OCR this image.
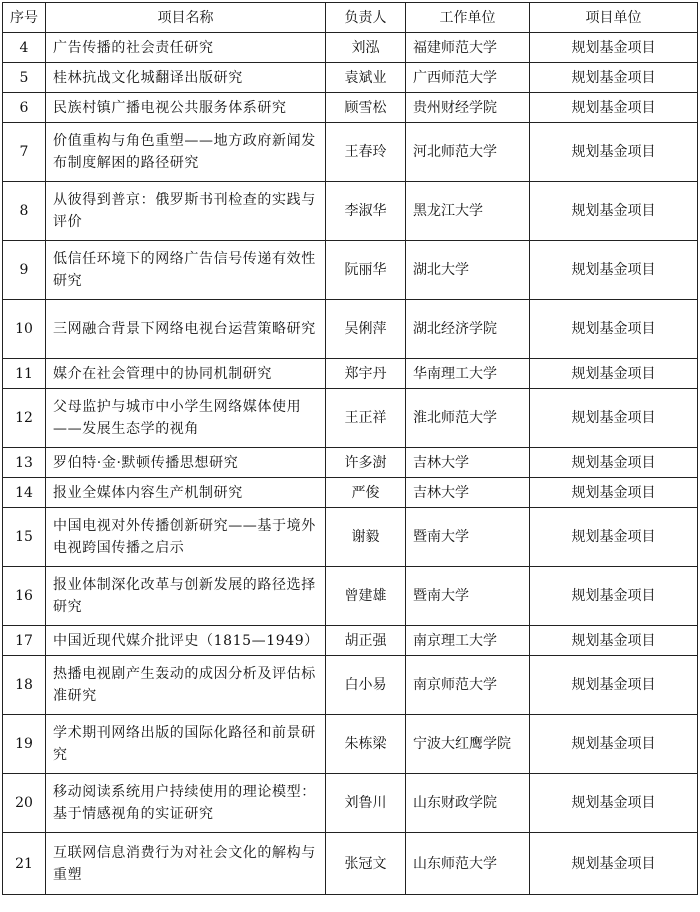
序号	项目名称	负责人	工作单位	项目单位
4	广告传播的社会责任研究	刘泓	福建师范大学	规划基金项目
5	桂林抗战文化城翻译出版研究	袁斌业	广西师范大学	规划基金项目
6	民族村镇广播电视公共服务体系研究	顾雪松	贵州财经学院	规划基金项目
7	价值重构与角色重塑——地方政府新闻发布制度解困的路径研究	王春玲	河北师范大学	规划基金项目
8	从彼得到普京：俄罗斯书刊检查的实践与评价	李淑华	黑龙江大学	规划基金项目
9	低信任环境下的网络广告信号传递有效性研究	阮丽华	湖北大学	规划基金项目
10	三网融合背景下网络电视台运营策略研究	吴俐萍	湖北经济学院	规划基金项目
11	媒介在社会管理中的协同机制研究	郑宇丹	华南理工大学	规划基金项目
12	父母监护与城市中小学生网络媒体使用——发展生态学的视角	王正祥	淮北师范大学	规划基金项目
13	罗伯特·金·默顿传播思想研究	许多澍	吉林大学	规划基金项目
14	报业全媒体内容生产机制研究	严俊	吉林大学	规划基金项目
15	中国电视对外传播创新研究——基于境外电视跨国传播之启示	谢毅	暨南大学	规划基金项目
16	报业体制深化改革与创新发展的路径选择研究	曾建雄	暨南大学	规划基金项目
17	中国近现代媒介批评史（1815—1949）	胡正强	南京理工大学	规划基金项目
18	热播电视剧产生轰动的成因分析及评估标准研究	白小易	南京师范大学	规划基金项目
19	学术期刊网络出版的国际化路径和前景研究	朱栋梁	宁波大红鹰学院	规划基金项目
20	移动阅读系统用户持续使用的理论模型：基于情感视角的实证研究	刘鲁川	山东财政学院	规划基金项目
21	互联网信息消费行为对社会文化的解构与重塑	张冠文	山东师范大学	规划基金项目
